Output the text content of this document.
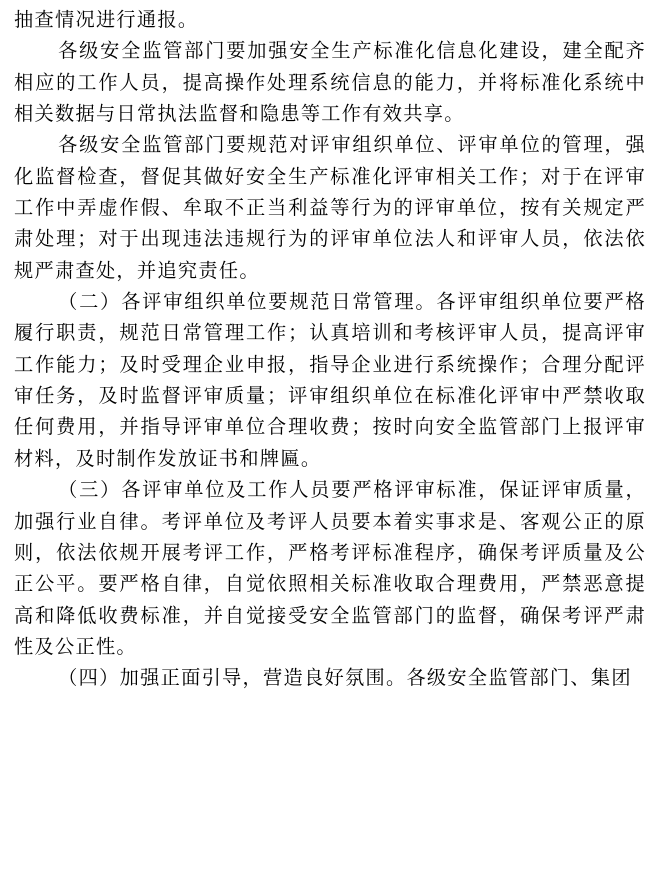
抽查情况进行通报。

各级安全监管部门要加强安全生产标准化信息化建设，建全配齐相应的工作人员，提高操作处理系统信息的能力，并将标准化系统中相关数据与日常执法监督和隐患等工作有效共享。

各级安全监管部门要规范对评审组织单位、评审单位的管理，强化监督检查，督促其做好安全生产标准化评审相关工作；对于在评审工作中弄虚作假、牟取不正当利益等行为的评审单位，按有关规定严肃处理；对于出现违法违规行为的评审单位法人和评审人员，依法依规严肃查处，并追究责任。

（二）各评审组织单位要规范日常管理。各评审组织单位要严格履行职责，规范日常管理工作；认真培训和考核评审人员，提高评审工作能力；及时受理企业申报，指导企业进行系统操作；合理分配评审任务，及时监督评审质量；评审组织单位在标准化评审中严禁收取任何费用，并指导评审单位合理收费；按时向安全监管部门上报评审材料，及时制作发放证书和牌匾。

（三）各评审单位及工作人员要严格评审标准，保证评审质量，加强行业自律。考评单位及考评人员要本着实事求是、客观公正的原则，依法依规开展考评工作，严格考评标准程序，确保考评质量及公正公平。要严格自律，自觉依照相关标准收取合理费用，严禁恶意提高和降低收费标准，并自觉接受安全监管部门的监督，确保考评严肃性及公正性。

（四）加强正面引导，营造良好氛围。各级安全监管部门、集团
